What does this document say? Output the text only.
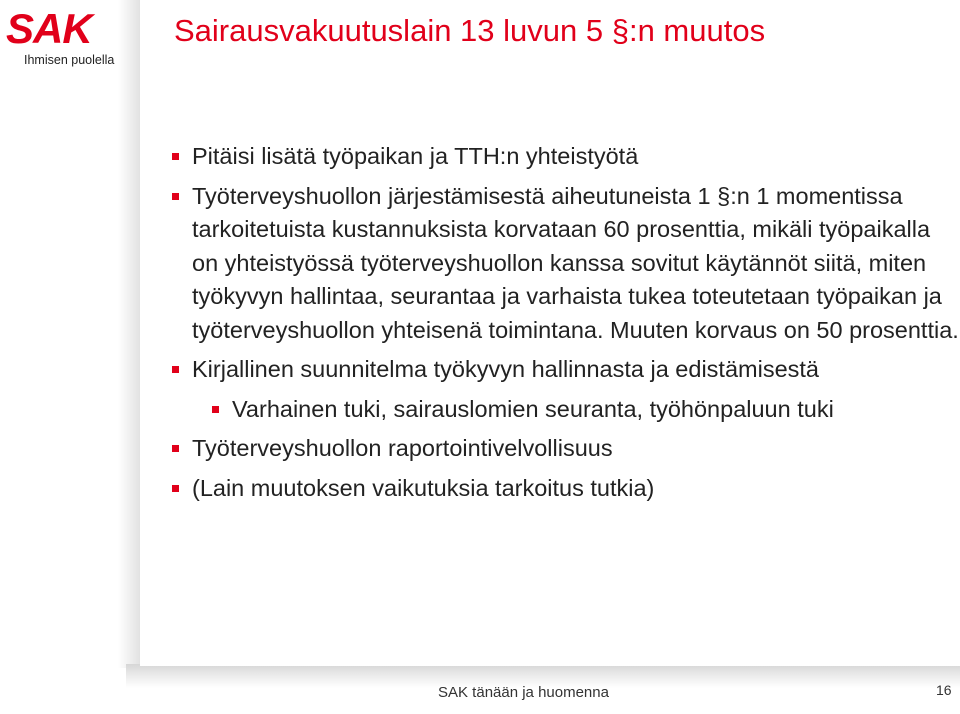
SAK
Ihmisen puolella
Sairausvakuutuslain 13 luvun 5 §:n muutos
Pitäisi lisätä työpaikan ja TTH:n yhteistyötä
Työterveyshuollon järjestämisestä aiheutuneista 1 §:n 1 momentissa tarkoitetuista kustannuksista korvataan 60 prosenttia, mikäli työpaikalla on yhteistyössä työterveyshuollon kanssa sovitut käytännöt siitä, miten työkyvyn hallintaa, seurantaa ja varhaista tukea toteutetaan työpaikan ja työterveyshuollon yhteisenä toimintana. Muuten korvaus on 50 prosenttia.
Kirjallinen suunnitelma työkyvyn hallinnasta ja edistämisestä
Varhainen tuki, sairauslomien seuranta, työhönpaluun tuki
Työterveyshuollon raportointivelvollisuus
(Lain muutoksen vaikutuksia tarkoitus tutkia)
SAK tänään ja huomenna	16
